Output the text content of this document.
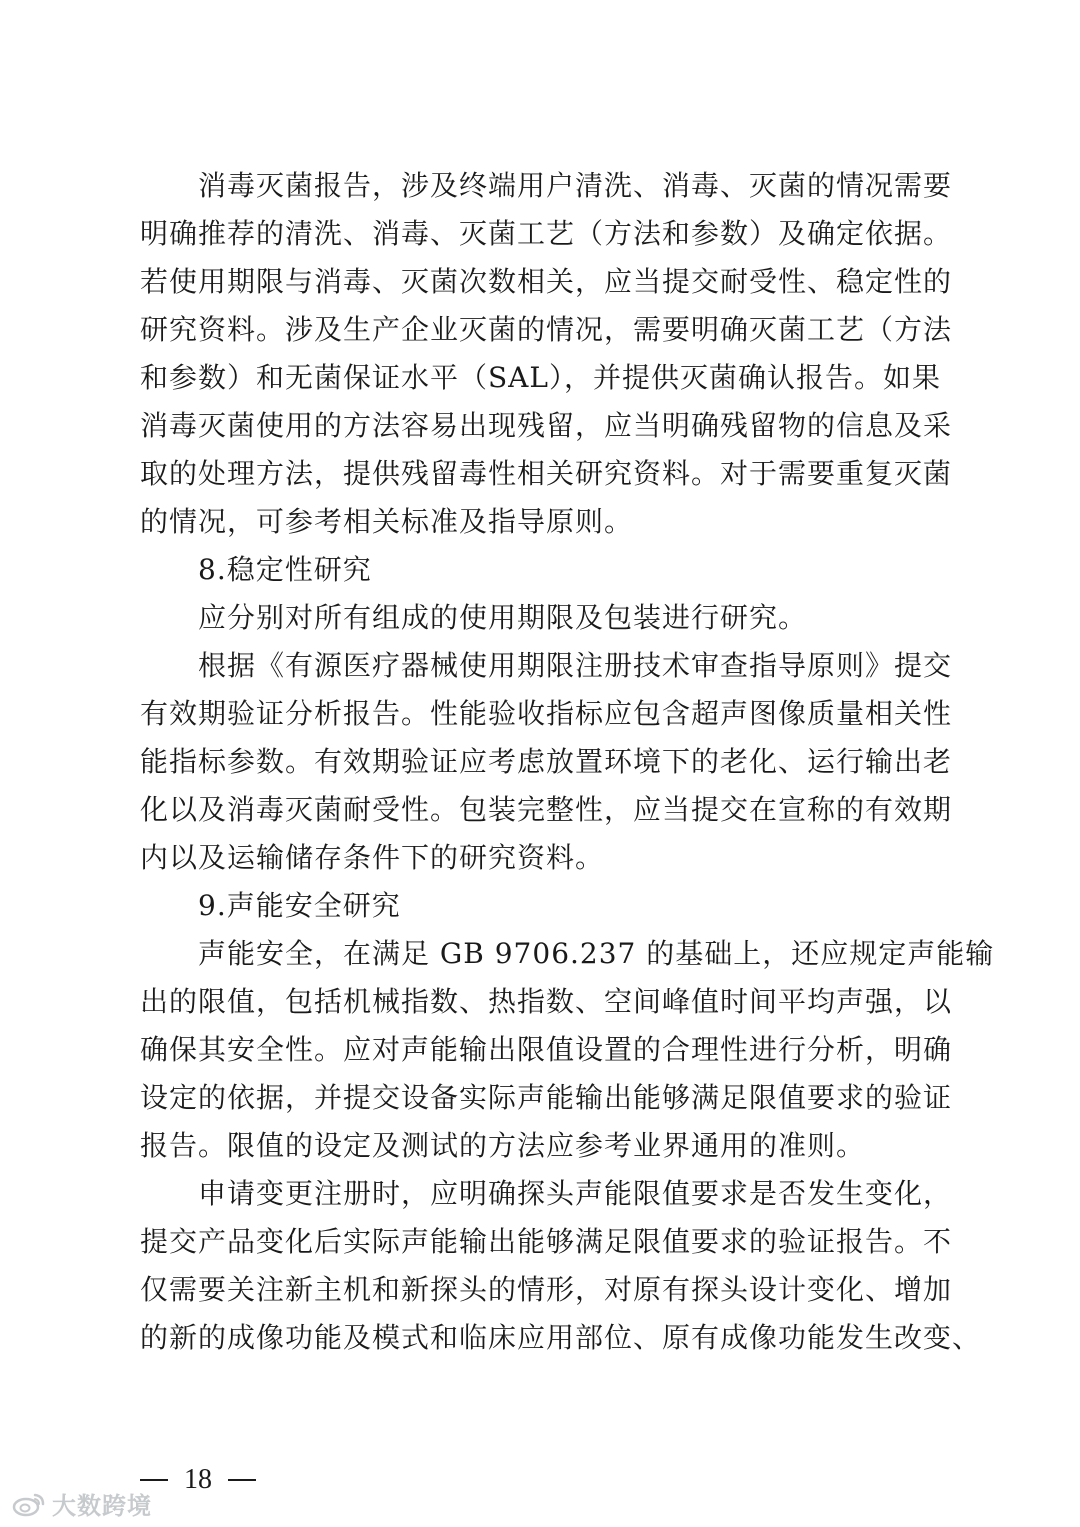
消毒灭菌报告，涉及终端用户清洗、消毒、灭菌的情况需要
明确推荐的清洗、消毒、灭菌工艺（方法和参数）及确定依据。
若使用期限与消毒、灭菌次数相关，应当提交耐受性、稳定性的
研究资料。涉及生产企业灭菌的情况，需要明确灭菌工艺（方法
和参数）和无菌保证水平（SAL），并提供灭菌确认报告。如果
消毒灭菌使用的方法容易出现残留，应当明确残留物的信息及采
取的处理方法，提供残留毒性相关研究资料。对于需要重复灭菌
的情况，可参考相关标准及指导原则。
8.稳定性研究
应分别对所有组成的使用期限及包装进行研究。
根据《有源医疗器械使用期限注册技术审查指导原则》提交
有效期验证分析报告。性能验收指标应包含超声图像质量相关性
能指标参数。有效期验证应考虑放置环境下的老化、运行输出老
化以及消毒灭菌耐受性。包装完整性，应当提交在宣称的有效期
内以及运输储存条件下的研究资料。
9.声能安全研究
声能安全，在满足 GB 9706.237 的基础上，还应规定声能输
出的限值，包括机械指数、热指数、空间峰值时间平均声强，以
确保其安全性。应对声能输出限值设置的合理性进行分析，明确
设定的依据，并提交设备实际声能输出能够满足限值要求的验证
报告。限值的设定及测试的方法应参考业界通用的准则。
申请变更注册时，应明确探头声能限值要求是否发生变化，
提交产品变化后实际声能输出能够满足限值要求的验证报告。不
仅需要关注新主机和新探头的情形，对原有探头设计变化、增加
的新的成像功能及模式和临床应用部位、原有成像功能发生改变、
18
大数跨境
